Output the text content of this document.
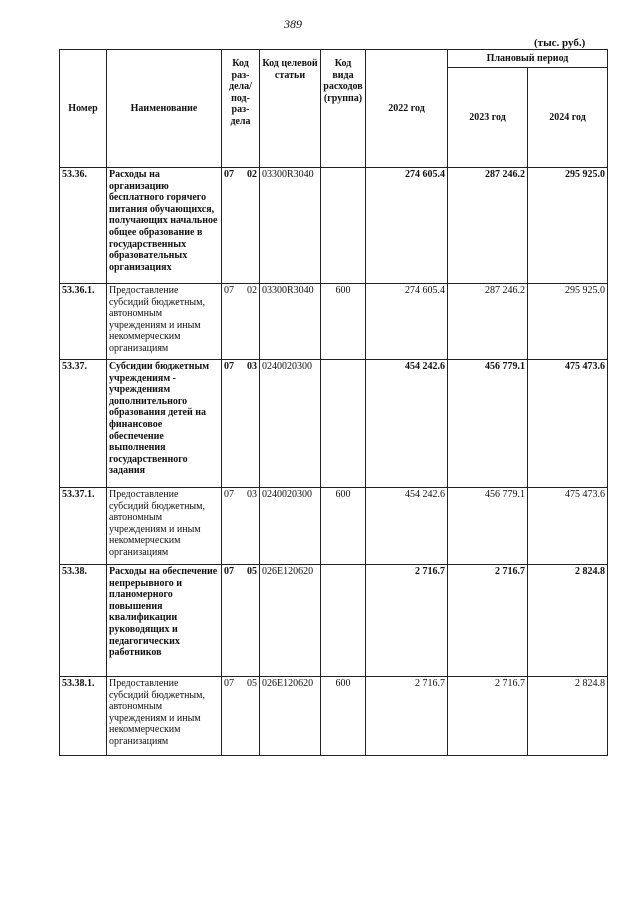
389
(тыс. руб.)
Номер	Наименование	Код раз-дела/ под-раз-дела	Код целевой статьи	Код вида расходов (группа)	2022 год	Плановый период	
						2023 год	2024 год
53.36.	Расходы на организацию бесплатного горячего питания обучающихся, получающих начальное общее образование в государственных образовательных организациях	07 02	03300R3040		274 605.4	287 246.2	295 925.0
53.36.1.	Предоставление субсидий бюджетным, автономным учреждениям и иным некоммерческим организациям	07 02	03300R3040	600	274 605.4	287 246.2	295 925.0
53.37.	Субсидии бюджетным учреждениям - учреждениям дополнительного образования детей на финансовое обеспечение выполнения государственного задания	07 03	0240020300		454 242.6	456 779.1	475 473.6
53.37.1.	Предоставление субсидий бюджетным, автономным учреждениям и иным некоммерческим организациям	07 03	0240020300	600	454 242.6	456 779.1	475 473.6
53.38.	Расходы на обеспечение непрерывного и планомерного повышения квалификации руководящих и педагогических работников	07 05	026E120620		2 716.7	2 716.7	2 824.8
53.38.1.	Предоставление субсидий бюджетным, автономным учреждениям и иным некоммерческим организациям	07 05	026E120620	600	2 716.7	2 716.7	2 824.8
